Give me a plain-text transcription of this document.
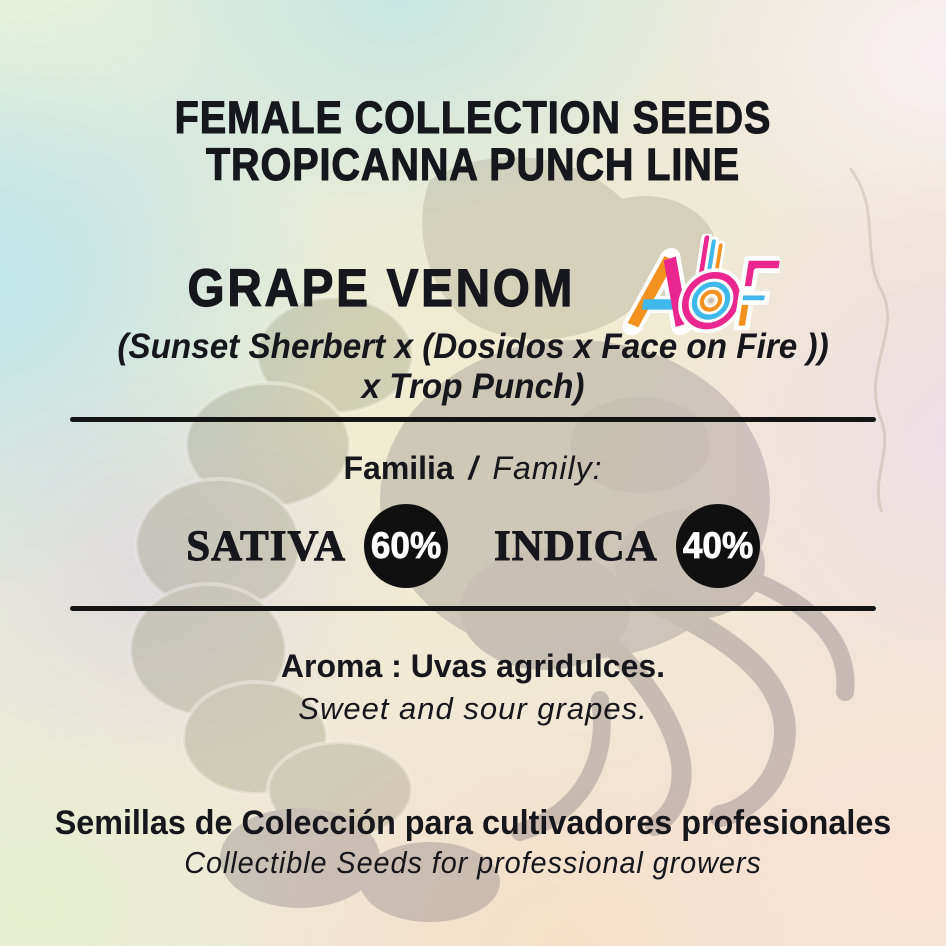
FEMALE COLLECTION SEEDS
TROPICANNA PUNCH LINE
GRAPE VENOM
(Sunset Sherbert x (Dosidos x Face on Fire ))
x Trop Punch)
Familia / Family:
SATIVA 60% INDICA 40%
Aroma : Uvas agridulces.
Sweet and sour grapes.
Semillas de Colección para cultivadores profesionales
Collectible Seeds for professional growers
